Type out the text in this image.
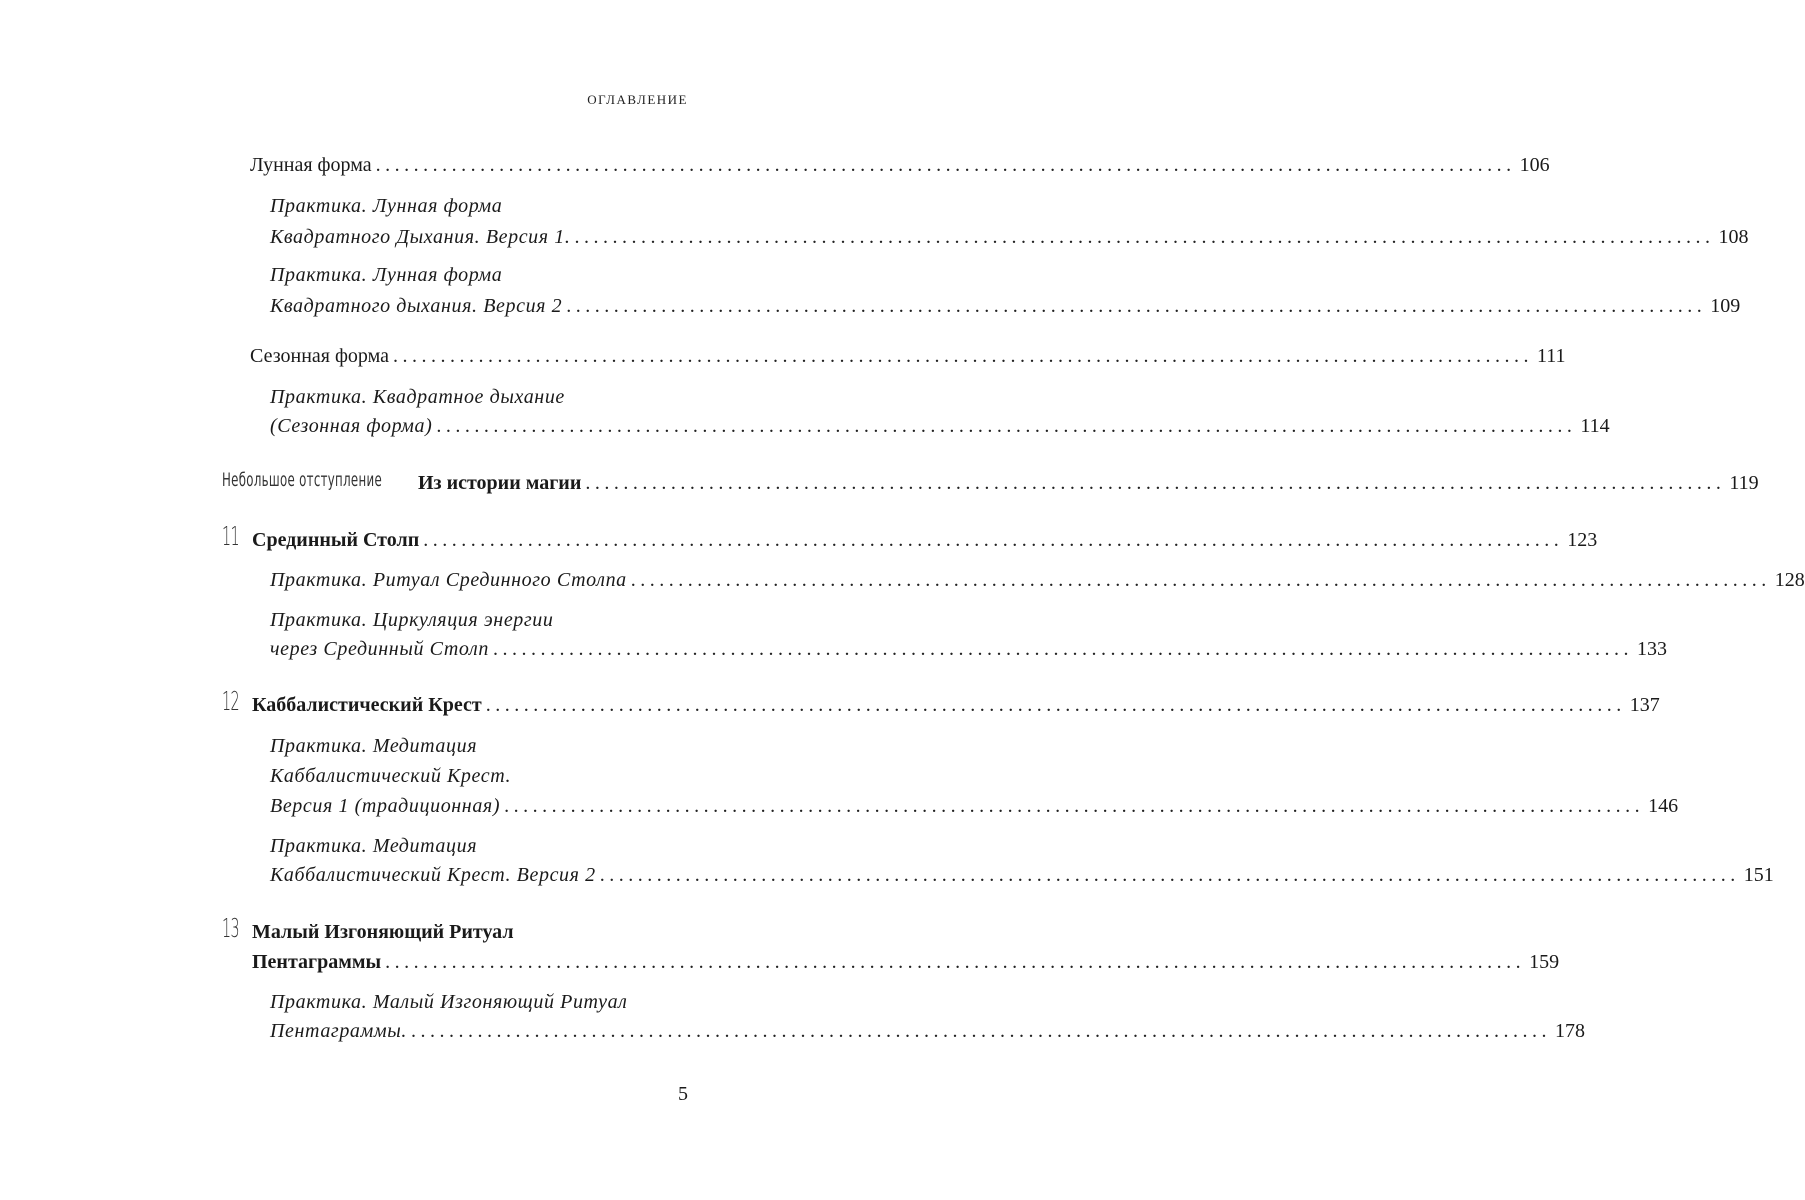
ОГЛАВЛЕНИЕ
Лунная форма ........................................................................................................................ 106
Практика. Лунная форма
Квадратного Дыхания. Версия 1. ........................................................................................................................ 108
Практика. Лунная форма
Квадратного дыхания. Версия 2 ........................................................................................................................ 109
Сезонная форма ........................................................................................................................ 111
Практика. Квадратное дыхание
(Сезонная форма) ........................................................................................................................ 114
Небольшое отступление Из истории магии ........................................................................................................................ 119
11 Срединный Столп ........................................................................................................................ 123
Практика. Ритуал Срединного Столпа ........................................................................................................................ 128
Практика. Циркуляция энергии
через Срединный Столп ........................................................................................................................ 133
12 Каббалистический Крест ........................................................................................................................ 137
Практика. Медитация
Каббалистический Крест.
Версия 1 (традиционная) ........................................................................................................................ 146
Практика. Медитация
Каббалистический Крест. Версия 2 ........................................................................................................................ 151
13 Малый Изгоняющий Ритуал
Пентаграммы ........................................................................................................................ 159
Практика. Малый Изгоняющий Ритуал
Пентаграммы. ........................................................................................................................ 178
5
